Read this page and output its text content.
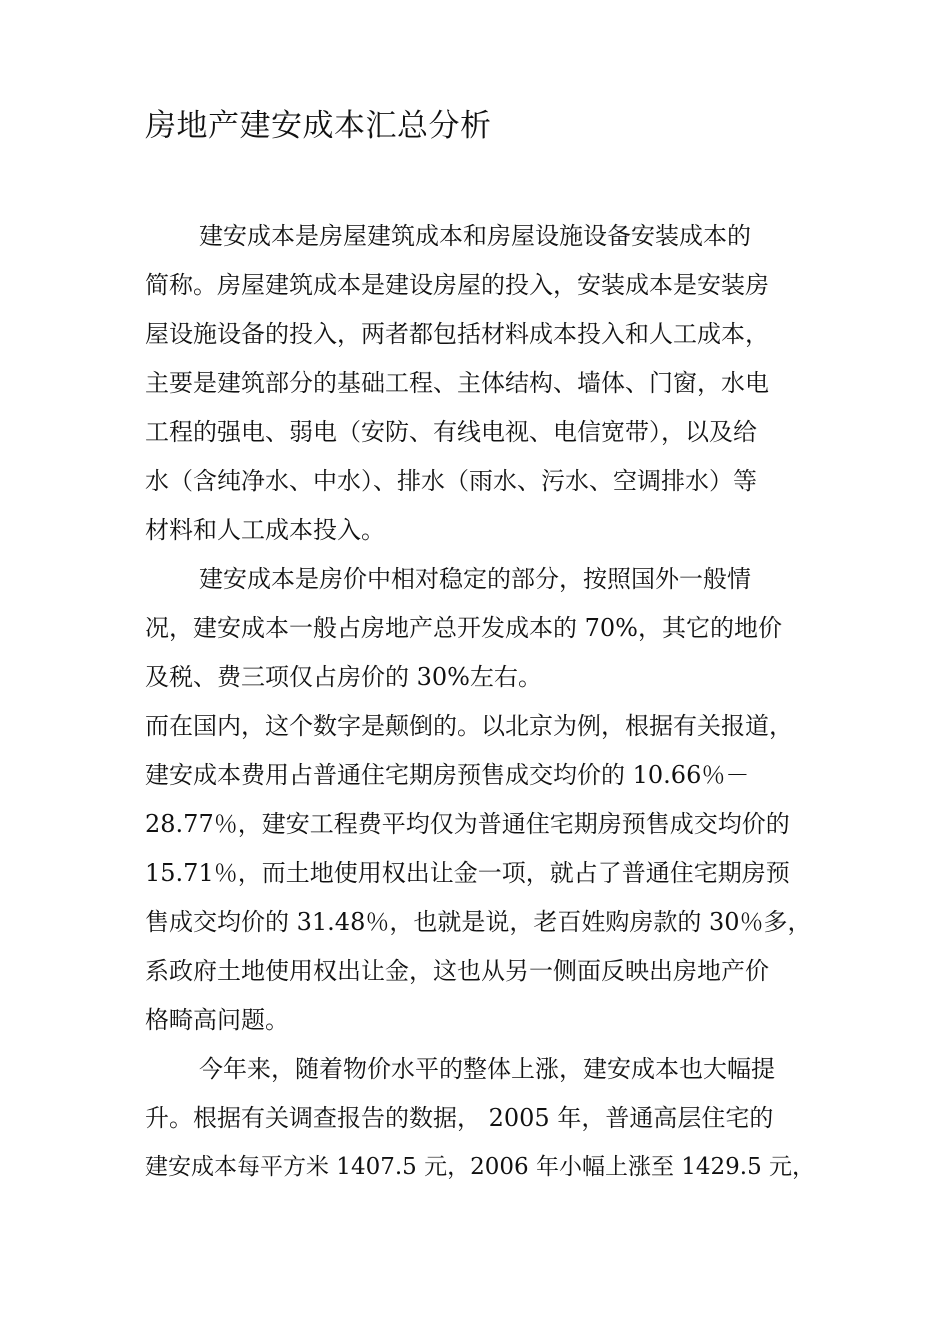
房地产建安成本汇总分析
建安成本是房屋建筑成本和房屋设施设备安装成本的
简称。房屋建筑成本是建设房屋的投入，安装成本是安装房
屋设施设备的投入，两者都包括材料成本投入和人工成本，
主要是建筑部分的基础工程、主体结构、墙体、门窗，水电
工程的强电、弱电（安防、有线电视、电信宽带），以及给
水（含纯净水、中水）、排水（雨水、污水、空调排水）等
材料和人工成本投入。
建安成本是房价中相对稳定的部分，按照国外一般情
况，建安成本一般占房地产总开发成本的 70%，其它的地价
及税、费三项仅占房价的 30%左右。
而在国内，这个数字是颠倒的。以北京为例，根据有关报道，
建安成本费用占普通住宅期房预售成交均价的 10.66％－
28.77％，建安工程费平均仅为普通住宅期房预售成交均价的
15.71％，而土地使用权出让金一项，就占了普通住宅期房预
售成交均价的 31.48％，也就是说，老百姓购房款的 30％多，
系政府土地使用权出让金，这也从另一侧面反映出房地产价
格畸高问题。
今年来，随着物价水平的整体上涨，建安成本也大幅提
升。根据有关调查报告的数据， 2005 年，普通高层住宅的
建安成本每平方米 1407.5 元，2006 年小幅上涨至 1429.5 元，
